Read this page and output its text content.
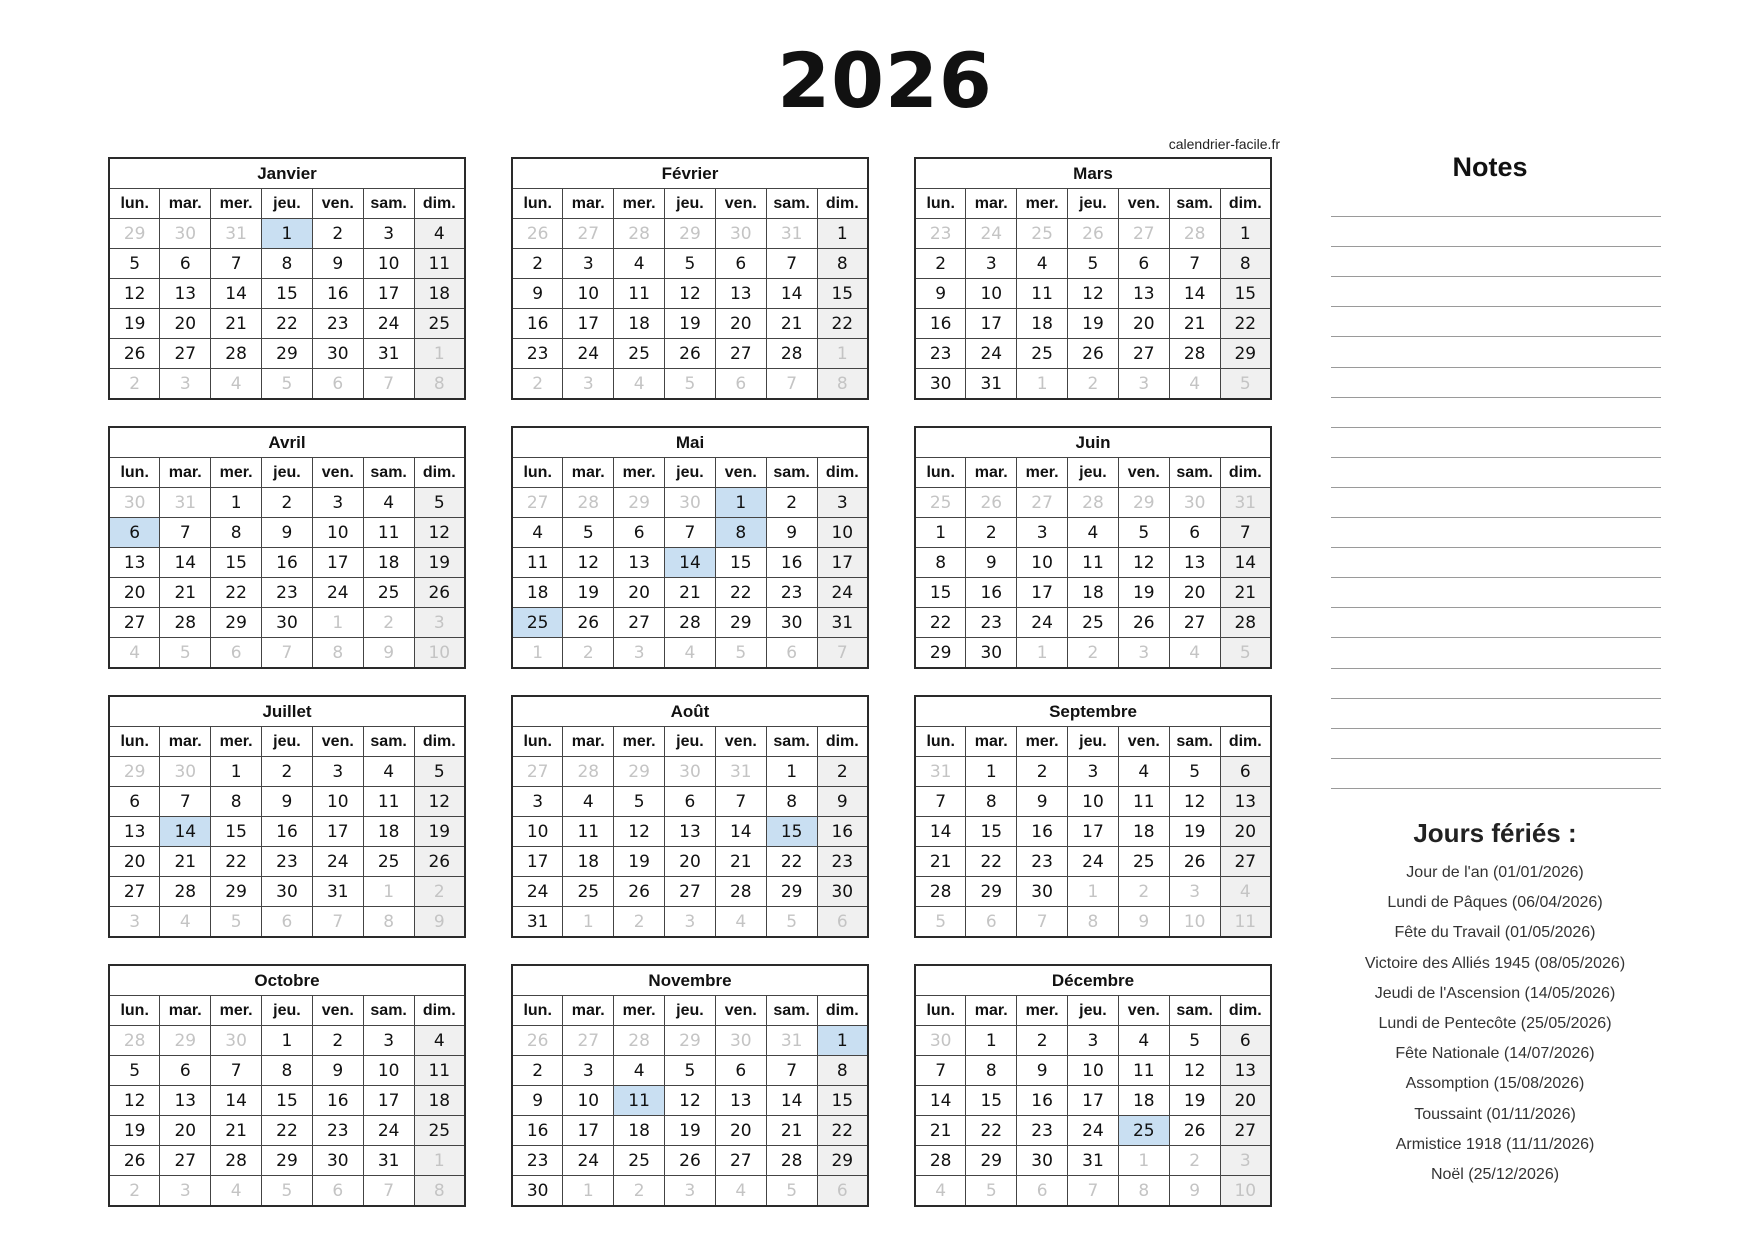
2026
calendrier-facile.fr
Janvier						
lun.	mar.	mer.	jeu.	ven.	sam.	dim.
29	30	31	1	2	3	4
5	6	7	8	9	10	11
12	13	14	15	16	17	18
19	20	21	22	23	24	25
26	27	28	29	30	31	1
2	3	4	5	6	7	8
Février						
lun.	mar.	mer.	jeu.	ven.	sam.	dim.
26	27	28	29	30	31	1
2	3	4	5	6	7	8
9	10	11	12	13	14	15
16	17	18	19	20	21	22
23	24	25	26	27	28	1
2	3	4	5	6	7	8
Mars						
lun.	mar.	mer.	jeu.	ven.	sam.	dim.
23	24	25	26	27	28	1
2	3	4	5	6	7	8
9	10	11	12	13	14	15
16	17	18	19	20	21	22
23	24	25	26	27	28	29
30	31	1	2	3	4	5
Avril						
lun.	mar.	mer.	jeu.	ven.	sam.	dim.
30	31	1	2	3	4	5
6	7	8	9	10	11	12
13	14	15	16	17	18	19
20	21	22	23	24	25	26
27	28	29	30	1	2	3
4	5	6	7	8	9	10
Mai						
lun.	mar.	mer.	jeu.	ven.	sam.	dim.
27	28	29	30	1	2	3
4	5	6	7	8	9	10
11	12	13	14	15	16	17
18	19	20	21	22	23	24
25	26	27	28	29	30	31
1	2	3	4	5	6	7
Juin						
lun.	mar.	mer.	jeu.	ven.	sam.	dim.
25	26	27	28	29	30	31
1	2	3	4	5	6	7
8	9	10	11	12	13	14
15	16	17	18	19	20	21
22	23	24	25	26	27	28
29	30	1	2	3	4	5
Juillet						
lun.	mar.	mer.	jeu.	ven.	sam.	dim.
29	30	1	2	3	4	5
6	7	8	9	10	11	12
13	14	15	16	17	18	19
20	21	22	23	24	25	26
27	28	29	30	31	1	2
3	4	5	6	7	8	9
Août						
lun.	mar.	mer.	jeu.	ven.	sam.	dim.
27	28	29	30	31	1	2
3	4	5	6	7	8	9
10	11	12	13	14	15	16
17	18	19	20	21	22	23
24	25	26	27	28	29	30
31	1	2	3	4	5	6
Septembre						
lun.	mar.	mer.	jeu.	ven.	sam.	dim.
31	1	2	3	4	5	6
7	8	9	10	11	12	13
14	15	16	17	18	19	20
21	22	23	24	25	26	27
28	29	30	1	2	3	4
5	6	7	8	9	10	11
Octobre						
lun.	mar.	mer.	jeu.	ven.	sam.	dim.
28	29	30	1	2	3	4
5	6	7	8	9	10	11
12	13	14	15	16	17	18
19	20	21	22	23	24	25
26	27	28	29	30	31	1
2	3	4	5	6	7	8
Novembre						
lun.	mar.	mer.	jeu.	ven.	sam.	dim.
26	27	28	29	30	31	1
2	3	4	5	6	7	8
9	10	11	12	13	14	15
16	17	18	19	20	21	22
23	24	25	26	27	28	29
30	1	2	3	4	5	6
Décembre						
lun.	mar.	mer.	jeu.	ven.	sam.	dim.
30	1	2	3	4	5	6
7	8	9	10	11	12	13
14	15	16	17	18	19	20
21	22	23	24	25	26	27
28	29	30	31	1	2	3
4	5	6	7	8	9	10
Notes
Jours fériés :
Jour de l'an (01/01/2026)
Lundi de Pâques (06/04/2026)
Fête du Travail (01/05/2026)
Victoire des Alliés 1945 (08/05/2026)
Jeudi de l'Ascension (14/05/2026)
Lundi de Pentecôte (25/05/2026)
Fête Nationale (14/07/2026)
Assomption (15/08/2026)
Toussaint (01/11/2026)
Armistice 1918 (11/11/2026)
Noël (25/12/2026)
